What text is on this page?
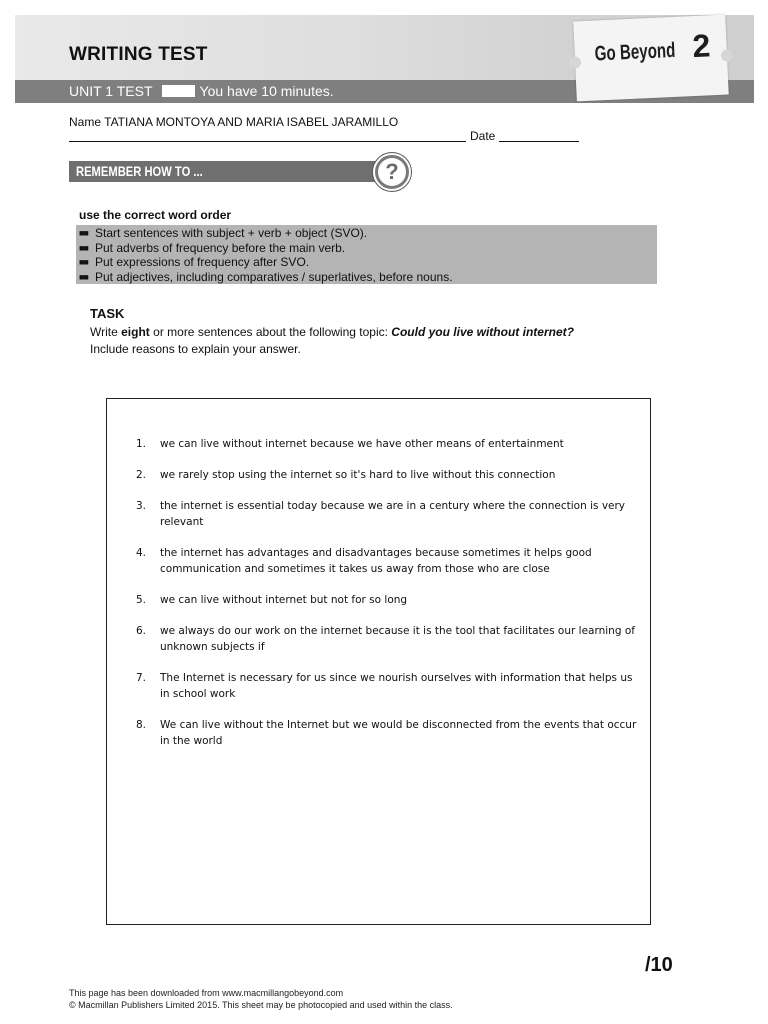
WRITING TEST
UNIT 1 TEST	You have 10 minutes.
Go Beyond 2
Name TATIANA MONTOYA AND MARIA ISABEL JARAMILLO
Date
REMEMBER HOW TO ...	?
use the correct word order
■■ Start sentences with subject + verb + object (SVO).
■■ Put adverbs of frequency before the main verb.
■■ Put expressions of frequency after SVO.
■■ Put adjectives, including comparatives / superlatives, before nouns.
TASK
Write eight or more sentences about the following topic: Could you live without internet?
Include reasons to explain your answer.
1.	we can live without internet because we have other means of entertainment
2.	we rarely stop using the internet so it's hard to live without this connection
3.	the internet is essential today because we are in a century where the connection is very relevant
4.	the internet has advantages and disadvantages because sometimes it helps good communication and sometimes it takes us away from those who are close
5.	we can live without internet but not for so long
6.	we always do our work on the internet because it is the tool that facilitates our learning of unknown subjects if
7.	The Internet is necessary for us since we nourish ourselves with information that helps us in school work
8.	We can live without the Internet but we would be disconnected from the events that occur in the world
/10
This page has been downloaded from www.macmillangobeyond.com
© Macmillan Publishers Limited 2015. This sheet may be photocopied and used within the class.
